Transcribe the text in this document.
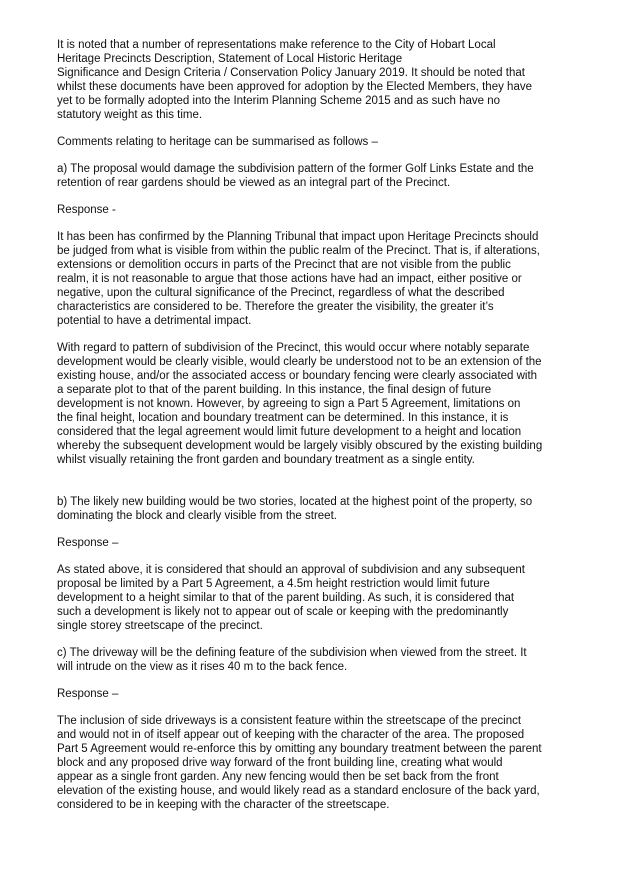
It is noted that a number of representations make reference to the City of Hobart Local
Heritage Precincts Description, Statement of Local Historic Heritage
Significance and Design Criteria / Conservation Policy January 2019. It should be noted that
whilst these documents have been approved for adoption by the Elected Members, they have
yet to be formally adopted into the Interim Planning Scheme 2015 and as such have no
statutory weight as this time.

Comments relating to heritage can be summarised as follows –

a) The proposal would damage the subdivision pattern of the former Golf Links Estate and the
retention of rear gardens should be viewed as an integral part of the Precinct.

Response -

It has been has confirmed by the Planning Tribunal that impact upon Heritage Precincts should
be judged from what is visible from within the public realm of the Precinct. That is, if alterations,
extensions or demolition occurs in parts of the Precinct that are not visible from the public
realm, it is not reasonable to argue that those actions have had an impact, either positive or
negative, upon the cultural significance of the Precinct, regardless of what the described
characteristics are considered to be. Therefore the greater the visibility, the greater it’s
potential to have a detrimental impact.

With regard to pattern of subdivision of the Precinct, this would occur where notably separate
development would be clearly visible, would clearly be understood not to be an extension of the
existing house, and/or the associated access or boundary fencing were clearly associated with
a separate plot to that of the parent building. In this instance, the final design of future
development is not known. However, by agreeing to sign a Part 5 Agreement, limitations on
the final height, location and boundary treatment can be determined. In this instance, it is
considered that the legal agreement would limit future development to a height and location
whereby the subsequent development would be largely visibly obscured by the existing building
whilst visually retaining the front garden and boundary treatment as a single entity.

b) The likely new building would be two stories, located at the highest point of the property, so
dominating the block and clearly visible from the street.

Response –

As stated above, it is considered that should an approval of subdivision and any subsequent
proposal be limited by a Part 5 Agreement, a 4.5m height restriction would limit future
development to a height similar to that of the parent building. As such, it is considered that
such a development is likely not to appear out of scale or keeping with the predominantly
single storey streetscape of the precinct.

c) The driveway will be the defining feature of the subdivision when viewed from the street. It
will intrude on the view as it rises 40 m to the back fence.

Response –

The inclusion of side driveways is a consistent feature within the streetscape of the precinct
and would not in of itself appear out of keeping with the character of the area. The proposed
Part 5 Agreement would re-enforce this by omitting any boundary treatment between the parent
block and any proposed drive way forward of the front building line, creating what would
appear as a single front garden. Any new fencing would then be set back from the front
elevation of the existing house, and would likely read as a standard enclosure of the back yard,
considered to be in keeping with the character of the streetscape.
